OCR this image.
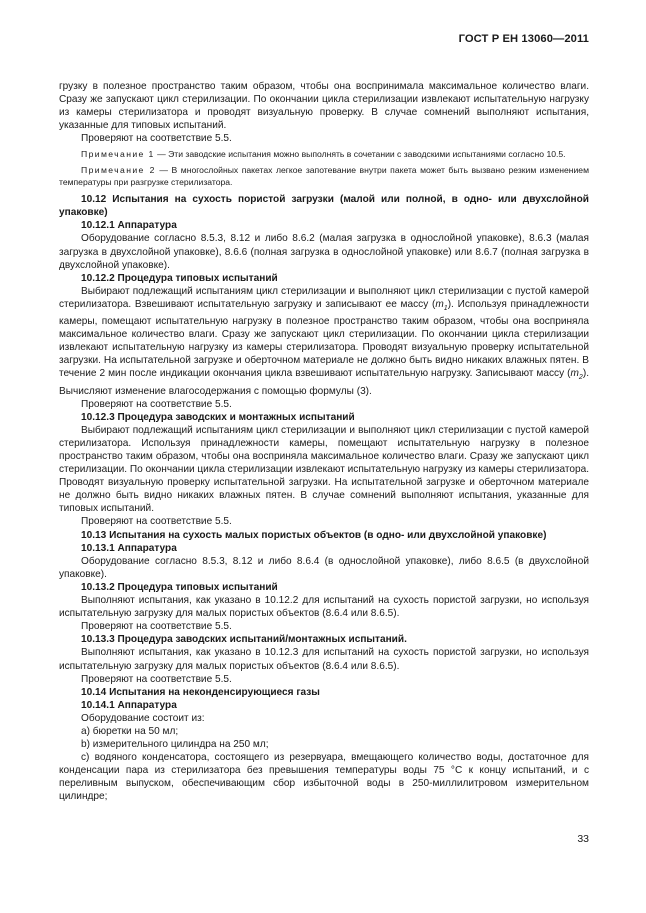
ГОСТ Р ЕН 13060—2011

грузку в полезное пространство таким образом, чтобы она воспринимала максимальное количество влаги. Сразу же запускают цикл стерилизации. По окончании цикла стерилизации извлекают испытательную нагрузку из камеры стерилизатора и проводят визуальную проверку. В случае сомнений выполняют испытания, указанные для типовых испытаний.

Проверяют на соответствие 5.5.

Примечание 1 — Эти заводские испытания можно выполнять в сочетании с заводскими испытаниями согласно 10.5.

Примечание 2 — В многослойных пакетах легкое запотевание внутри пакета может быть вызвано резким изменением температуры при разгрузке стерилизатора.

10.12 Испытания на сухость пористой загрузки (малой или полной, в одно- или двухслойной упаковке)

10.12.1 Аппаратура

Оборудование согласно 8.5.3, 8.12 и либо 8.6.2 (малая загрузка в однослойной упаковке), 8.6.3 (малая загрузка в двухслойной упаковке), 8.6.6 (полная загрузка в однослойной упаковке) или 8.6.7 (полная загрузка в двухслойной упаковке).

10.12.2 Процедура типовых испытаний

Выбирают подлежащий испытаниям цикл стерилизации и выполняют цикл стерилизации с пустой камерой стерилизатора. Взвешивают испытательную загрузку и записывают ее массу $(m_1)$. Используя принадлежности камеры, помещают испытательную нагрузку в полезное пространство таким образом, чтобы она восприняла максимальное количество влаги. Сразу же запускают цикл стерилизации. По окончании цикла стерилизации извлекают испытательную нагрузку из камеры стерилизатора. Проводят визуальную проверку испытательной загрузки. На испытательной загрузке и оберточном материале не должно быть видно никаких влажных пятен. В течение 2 мин после индикации окончания цикла взвешивают испытательную нагрузку. Записывают массу $(m_2)$. Вычисляют изменение влагосодержания с помощью формулы (3).

Проверяют на соответствие 5.5.

10.12.3 Процедура заводских и монтажных испытаний

Выбирают подлежащий испытаниям цикл стерилизации и выполняют цикл стерилизации с пустой камерой стерилизатора. Используя принадлежности камеры, помещают испытательную нагрузку в полезное пространство таким образом, чтобы она восприняла максимальное количество влаги. Сразу же запускают цикл стерилизации. По окончании цикла стерилизации извлекают испытательную нагрузку из камеры стерилизатора. Проводят визуальную проверку испытательной загрузки. На испытательной загрузке и оберточном материале не должно быть видно никаких влажных пятен. В случае сомнений выполняют испытания, указанные для типовых испытаний.

Проверяют на соответствие 5.5.

10.13 Испытания на сухость малых пористых объектов (в одно- или двухслойной упаковке)

10.13.1 Аппаратура

Оборудование согласно 8.5.3, 8.12 и либо 8.6.4 (в однослойной упаковке), либо 8.6.5 (в двухслойной упаковке).

10.13.2 Процедура типовых испытаний

Выполняют испытания, как указано в 10.12.2 для испытаний на сухость пористой загрузки, но используя испытательную загрузку для малых пористых объектов (8.6.4 или 8.6.5).

Проверяют на соответствие 5.5.

10.13.3 Процедура заводских испытаний/монтажных испытаний.

Выполняют испытания, как указано в 10.12.3 для испытаний на сухость пористой загрузки, но используя испытательную загрузку для малых пористых объектов (8.6.4 или 8.6.5).

Проверяют на соответствие 5.5.

10.14 Испытания на неконденсирующиеся газы

10.14.1 Аппаратура

Оборудование состоит из:

a) бюретки на 50 мл;

b) измерительного цилиндра на 250 мл;

c) водяного конденсатора, состоящего из резервуара, вмещающего количество воды, достаточное для конденсации пара из стерилизатора без превышения температуры воды 75 °C к концу испытаний, и с переливным выпуском, обеспечивающим сбор избыточной воды в 250-миллилитровом измерительном цилиндре;

33
